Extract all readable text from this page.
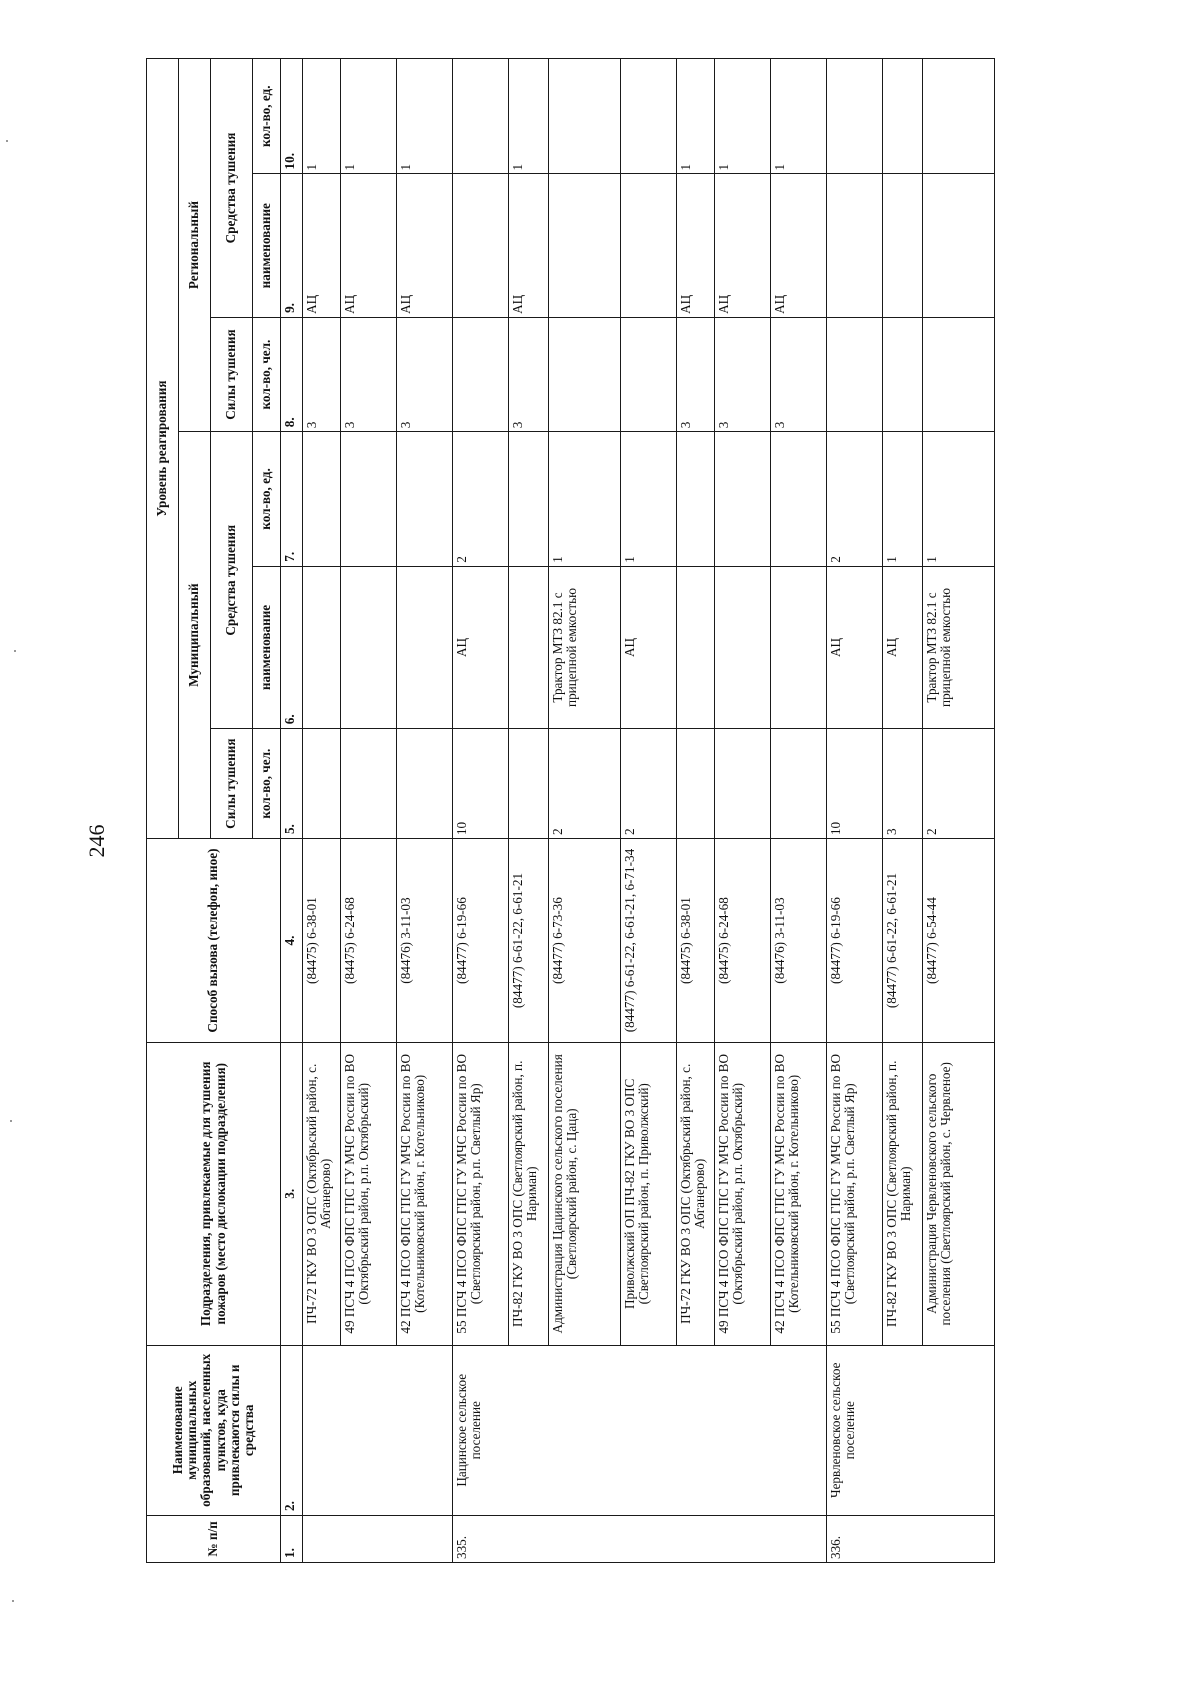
246
№ п/п	Наименование муниципальных образований, населенных пунктов, куда привлекаются силы и средства	Подразделения, привлекаемые для тушения пожаров (место дислокации подразделения)	Способ вызова (телефон, иное)	Уровень реагирования					
				Муниципальный			Региональный		
				Силы тушения	Средства тушения		Силы тушения	Средства тушения	
				кол-во, чел.	наименование	кол-во, ед.	кол-во, чел.	наименование	кол-во, ед.
1.	2.	3.	4.	5.	6.	7.	8.	9.	10.
		ПЧ-72 ГКУ ВО 3 ОПС (Октябрьский район, с. Абганерово)	(84475) 6-38-01				3	АЦ	1
		49 ПСЧ 4 ПСО ФПС ГПС ГУ МЧС России по ВО (Октябрьский район, р.п. Октябрьский)	(84475) 6-24-68				3	АЦ	1
		42 ПСЧ 4 ПСО ФПС ГПС ГУ МЧС России по ВО (Котельниковский район, г. Котельниково)	(84476) 3-11-03				3	АЦ	1
335.	Цацинское сельское поселение	55 ПСЧ 4 ПСО ФПС ГПС ГУ МЧС России по ВО (Светлоярский район, р.п. Светлый Яр)	(84477) 6-19-66	10	АЦ	2			
		ПЧ-82 ГКУ ВО 3 ОПС (Светлоярский район, п. Нариман)	(84477) 6-61-22, 6-61-21				3	АЦ	1
		Администрация Цацинского сельского поселения (Светлоярский район, с. Цаца)	(84477) 6-73-36	2	Трактор МТЗ 82.1 с прицепной емкостью	1			
		Приволжский ОП ПЧ-82 ГКУ ВО 3 ОПС (Светлоярский район, п. Приволжский)	(84477) 6-61-22, 6-61-21, 6-71-34	2	АЦ	1			
		ПЧ-72 ГКУ ВО 3 ОПС (Октябрьский район, с. Абганерово)	(84475) 6-38-01				3	АЦ	1
		49 ПСЧ 4 ПСО ФПС ГПС ГУ МЧС России по ВО (Октябрьский район, р.п. Октябрьский)	(84475) 6-24-68				3	АЦ	1
		42 ПСЧ 4 ПСО ФПС ГПС ГУ МЧС России по ВО (Котельниковский район, г. Котельниково)	(84476) 3-11-03				3	АЦ	1
336.	Червленовское сельское поселение	55 ПСЧ 4 ПСО ФПС ГПС ГУ МЧС России по ВО (Светлоярский район, р.п. Светлый Яр)	(84477) 6-19-66	10	АЦ	2			
		ПЧ-82 ГКУ ВО 3 ОПС (Светлоярский район, п. Нариман)	(84477) 6-61-22, 6-61-21	3	АЦ	1			
		Администрация Червленовского сельского поселения (Светлоярский район, с. Червленое)	(84477) 6-54-44	2	Трактор МТЗ 82.1 с прицепной емкостью	1			
